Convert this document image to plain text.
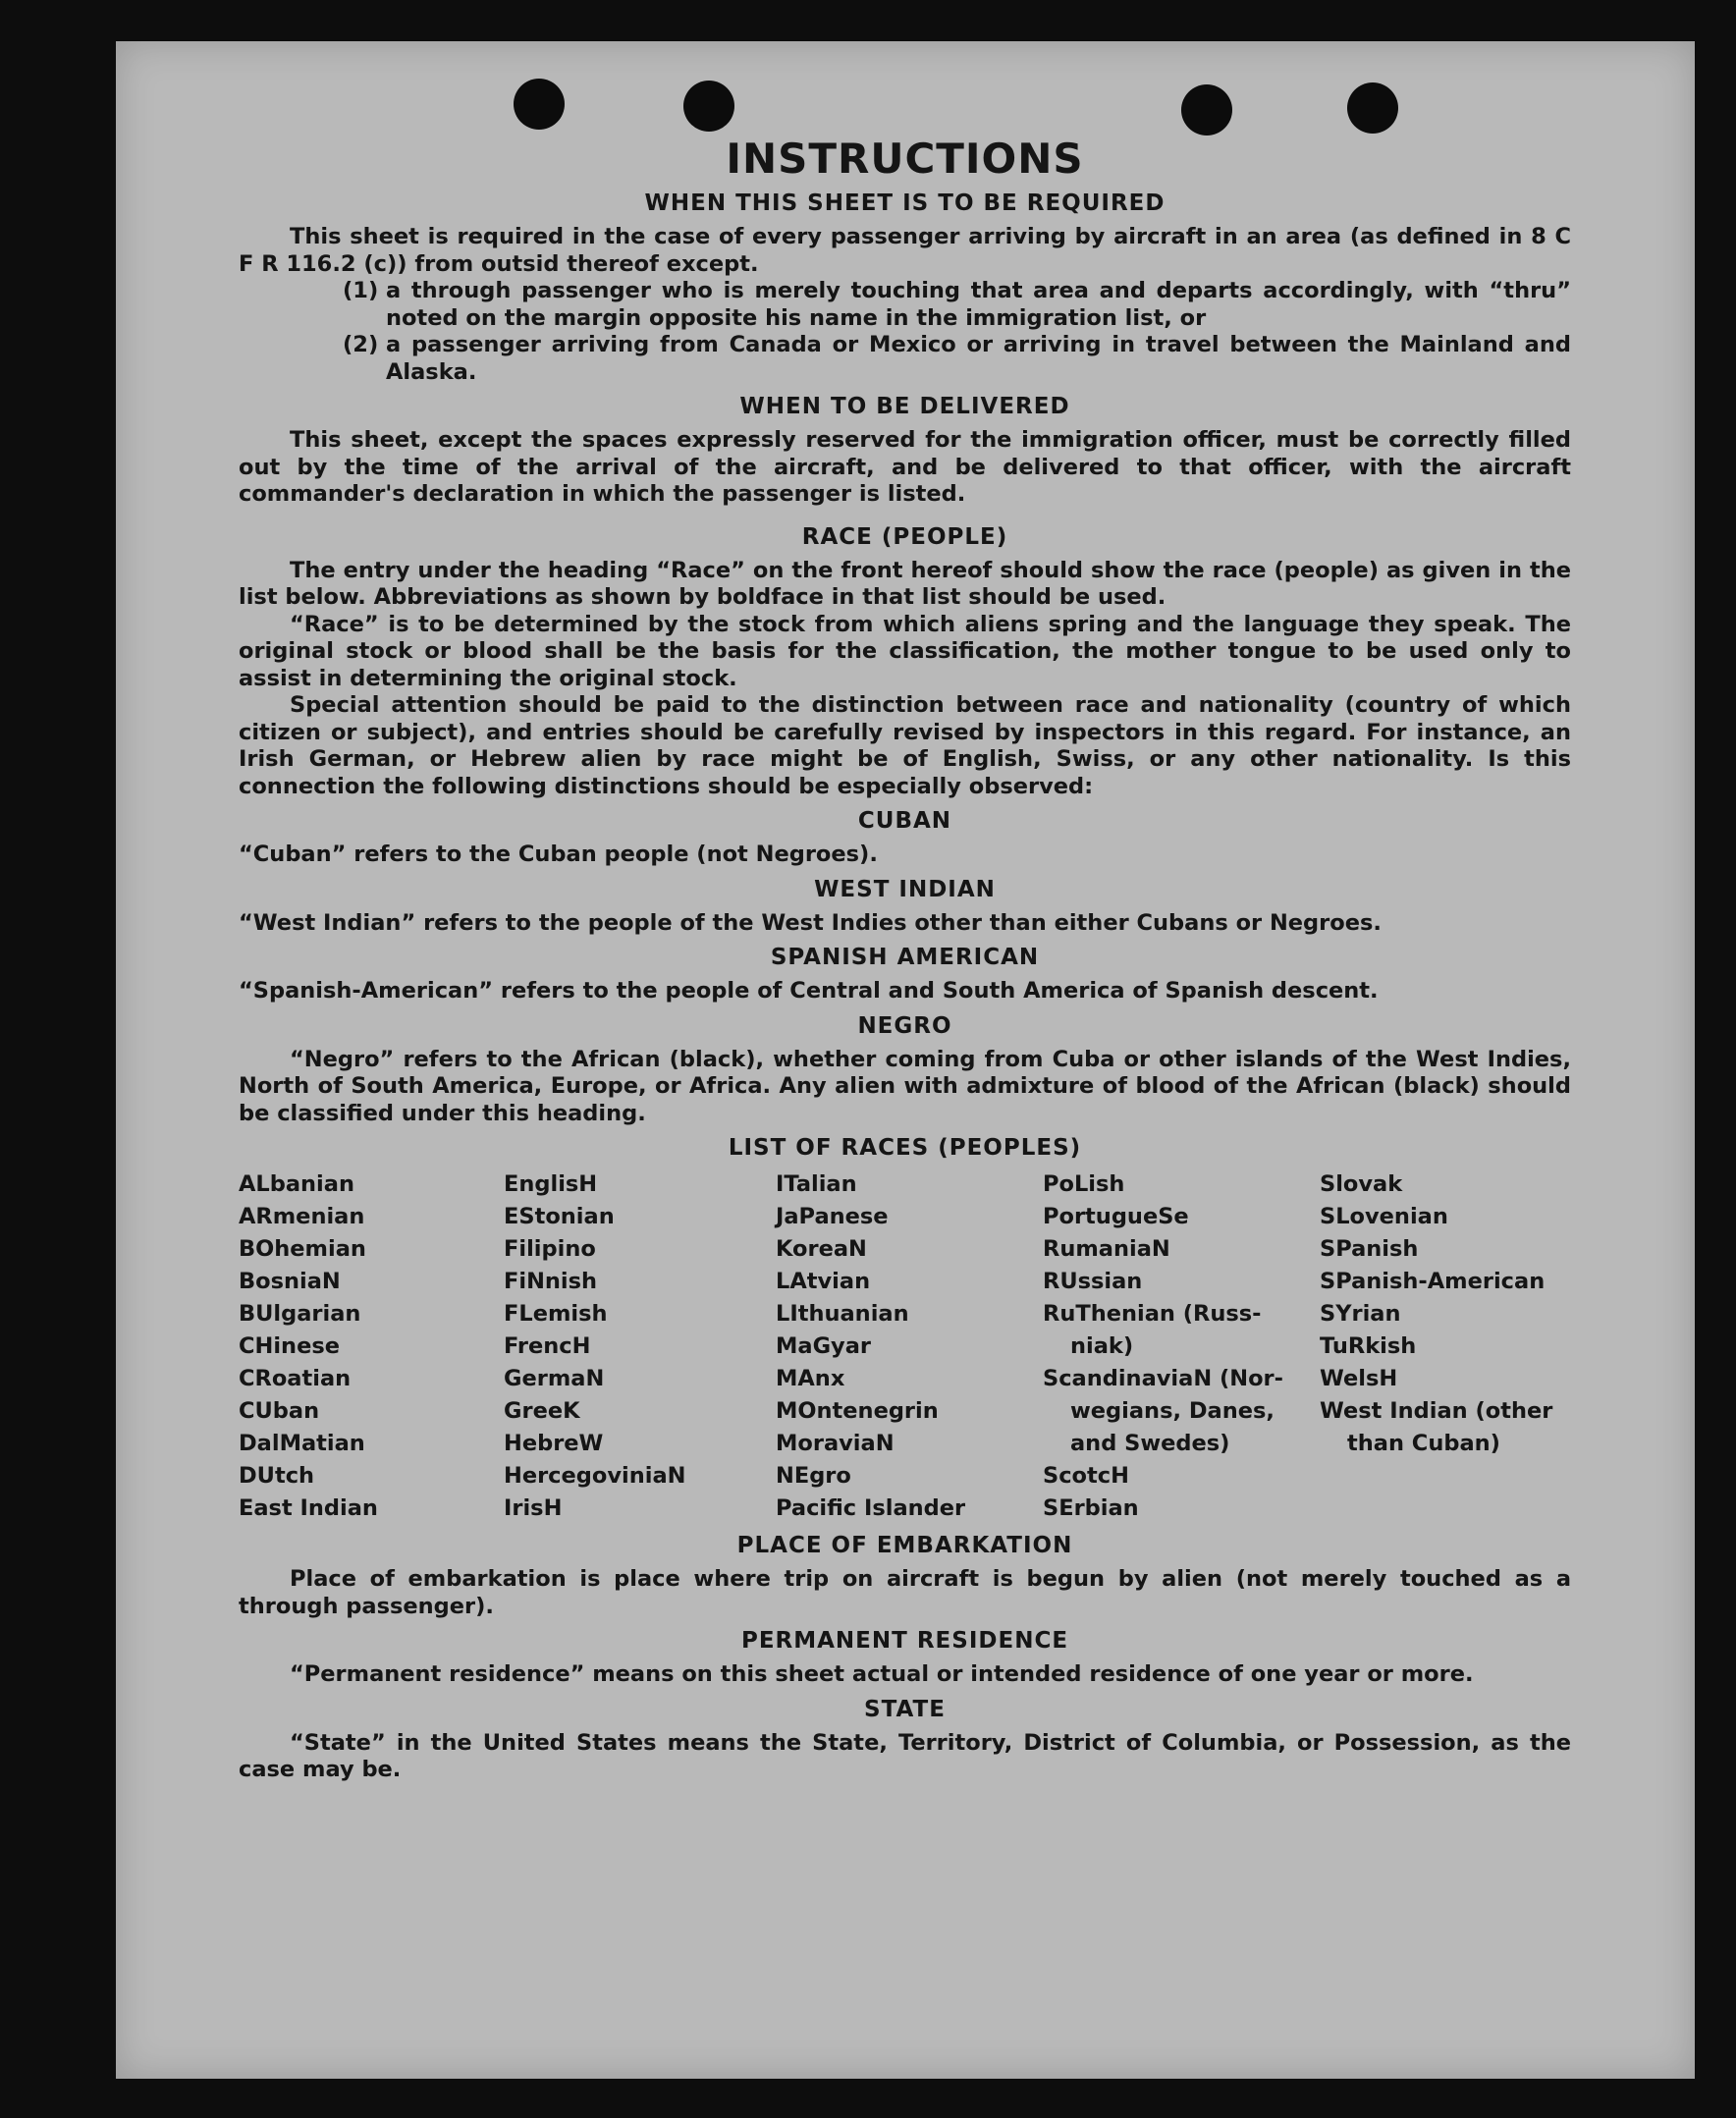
INSTRUCTIONS
WHEN THIS SHEET IS TO BE REQUIRED

This sheet is required in the case of every passenger arriving by aircraft in an area (as defined in 8 C F R 116.2 (c)) from outsid thereof except.

(1) a through passenger who is merely touching that area and departs accordingly, with “thru” noted on the margin opposite his name in the immigration list, or
(2) a passenger arriving from Canada or Mexico or arriving in travel between the Mainland and Alaska.
WHEN TO BE DELIVERED

This sheet, except the spaces expressly reserved for the immigration officer, must be correctly filled out by the time of the arrival of the aircraft, and be delivered to that officer, with the aircraft commander's declaration in which the passenger is listed.

RACE (PEOPLE)

The entry under the heading “Race” on the front hereof should show the race (people) as given in the list below. Abbreviations as shown by boldface in that list should be used.

“Race” is to be determined by the stock from which aliens spring and the language they speak. The original stock or blood shall be the basis for the classification, the mother tongue to be used only to assist in determining the original stock.

Special attention should be paid to the distinction between race and nationality (country of which citizen or subject), and entries should be carefully revised by inspectors in this regard. For instance, an Irish German, or Hebrew alien by race might be of English, Swiss, or any other nationality. Is this connection the following distinctions should be especially observed:

CUBAN

“Cuban” refers to the Cuban people (not Negroes).

WEST INDIAN

“West Indian” refers to the people of the West Indies other than either Cubans or Negroes.

SPANISH AMERICAN

“Spanish-American” refers to the people of Central and South America of Spanish descent.

NEGRO

“Negro” refers to the African (black), whether coming from Cuba or other islands of the West Indies, North of South America, Europe, or Africa. Any alien with admixture of blood of the African (black) should be classified under this heading.

LIST OF RACES (PEOPLES)
ALbanian
ARmenian
BOhemian
BosniaN
BUlgarian
CHinese
CRoatian
CUban
DalMatian
DUtch
East Indian
EnglisH
EStonian
Filipino
FiNnish
FLemish
FrencH
GermaN
GreeK
HebreW
HercegoviniaN
IrisH
ITalian
JaPanese
KoreaN
LAtvian
LIthuanian
MaGyar
MAnx
MOntenegrin
MoraviaN
NEgro
Pacific Islander
PoLish
PortugueSe
RumaniaN
RUssian
RuThenian (Russ-
niak)
ScandinaviaN (Nor-
wegians, Danes,
and Swedes)
ScotcH
SErbian
Slovak
SLovenian
SPanish
SPanish-American
SYrian
TuRkish
WelsH
West Indian (other
than Cuban)
PLACE OF EMBARKATION

Place of embarkation is place where trip on aircraft is begun by alien (not merely touched as a through passenger).

PERMANENT RESIDENCE

“Permanent residence” means on this sheet actual or intended residence of one year or more.

STATE

“State” in the United States means the State, Territory, District of Columbia, or Possession, as the case may be.
